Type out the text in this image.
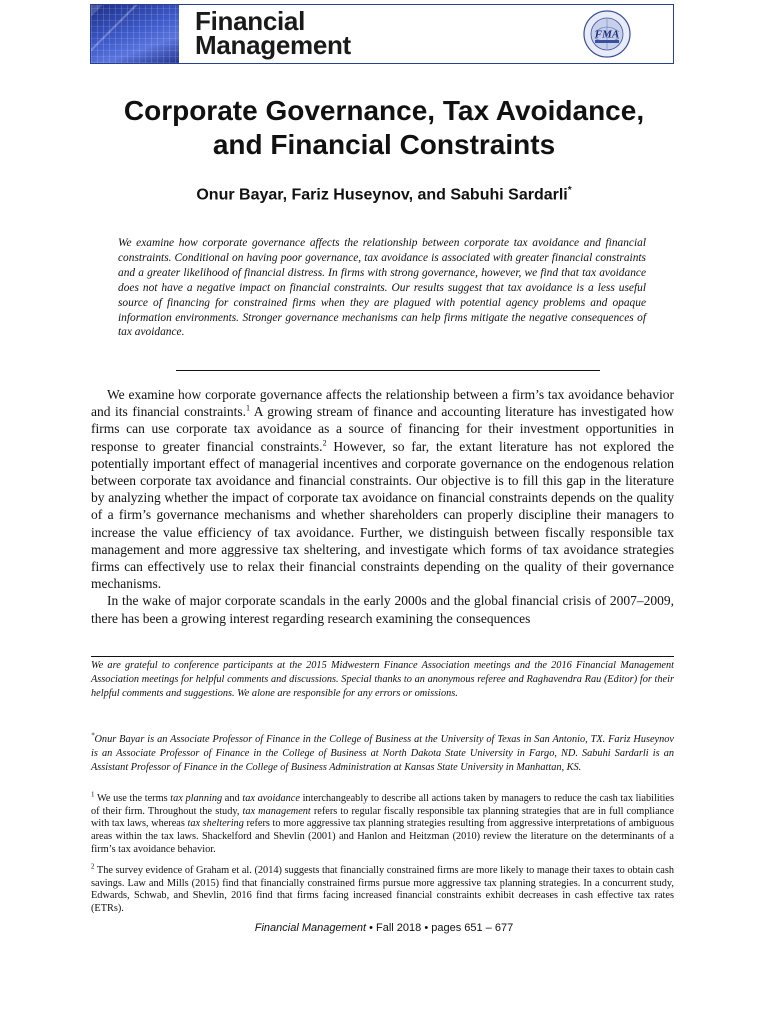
Financial
Management	FMA
Corporate Governance, Tax Avoidance,
and Financial Constraints
Onur Bayar, Fariz Huseynov, and Sabuhi Sardarli*
We examine how corporate governance affects the relationship between corporate tax avoidance and financial constraints. Conditional on having poor governance, tax avoidance is associated with greater financial constraints and a greater likelihood of financial distress. In firms with strong governance, however, we find that tax avoidance does not have a negative impact on financial constraints. Our results suggest that tax avoidance is a less useful source of financing for constrained firms when they are plagued with potential agency problems and opaque information environments. Stronger governance mechanisms can help firms mitigate the negative consequences of tax avoidance.

We examine how corporate governance affects the relationship between a firm’s tax avoidance behavior and its financial constraints.$^1$ A growing stream of finance and accounting literature has investigated how firms can use corporate tax avoidance as a source of financing for their investment opportunities in response to greater financial constraints.$^2$ However, so far, the extant literature has not explored the potentially important effect of managerial incentives and corporate governance on the endogenous relation between corporate tax avoidance and financial constraints. Our objective is to fill this gap in the literature by analyzing whether the impact of corporate tax avoidance on financial constraints depends on the quality of a firm’s governance mechanisms and whether shareholders can properly discipline their managers to increase the value efficiency of tax avoidance. Further, we distinguish between fiscally responsible tax management and more aggressive tax sheltering, and investigate which forms of tax avoidance strategies firms can effectively use to relax their financial constraints depending on the quality of their governance mechanisms.

In the wake of major corporate scandals in the early 2000s and the global financial crisis of 2007–2009, there has been a growing interest regarding research examining the consequences

We are grateful to conference participants at the 2015 Midwestern Finance Association meetings and the 2016 Financial Management Association meetings for helpful comments and discussions. Special thanks to an anonymous referee and Raghavendra Rau (Editor) for their helpful comments and suggestions. We alone are responsible for any errors or omissions.
*Onur Bayar is an Associate Professor of Finance in the College of Business at the University of Texas in San Antonio, TX. Fariz Huseynov is an Associate Professor of Finance in the College of Business at North Dakota State University in Fargo, ND. Sabuhi Sardarli is an Assistant Professor of Finance in the College of Business Administration at Kansas State University in Manhattan, KS.
$^1$ We use the terms tax planning and tax avoidance interchangeably to describe all actions taken by managers to reduce the cash tax liabilities of their firm. Throughout the study, tax management refers to regular fiscally responsible tax planning strategies that are in full compliance with tax laws, whereas tax sheltering refers to more aggressive tax planning strategies resulting from aggressive interpretations of ambiguous areas within the tax laws. Shackelford and Shevlin (2001) and Hanlon and Heitzman (2010) review the literature on the determinants of a firm’s tax avoidance behavior.
$^2$ The survey evidence of Graham et al. (2014) suggests that financially constrained firms are more likely to manage their taxes to obtain cash savings. Law and Mills (2015) find that financially constrained firms pursue more aggressive tax planning strategies. In a concurrent study, Edwards, Schwab, and Shevlin, 2016 find that firms facing increased financial constraints exhibit decreases in cash effective tax rates (ETRs).
Financial Management • Fall 2018 • pages 651 – 677
